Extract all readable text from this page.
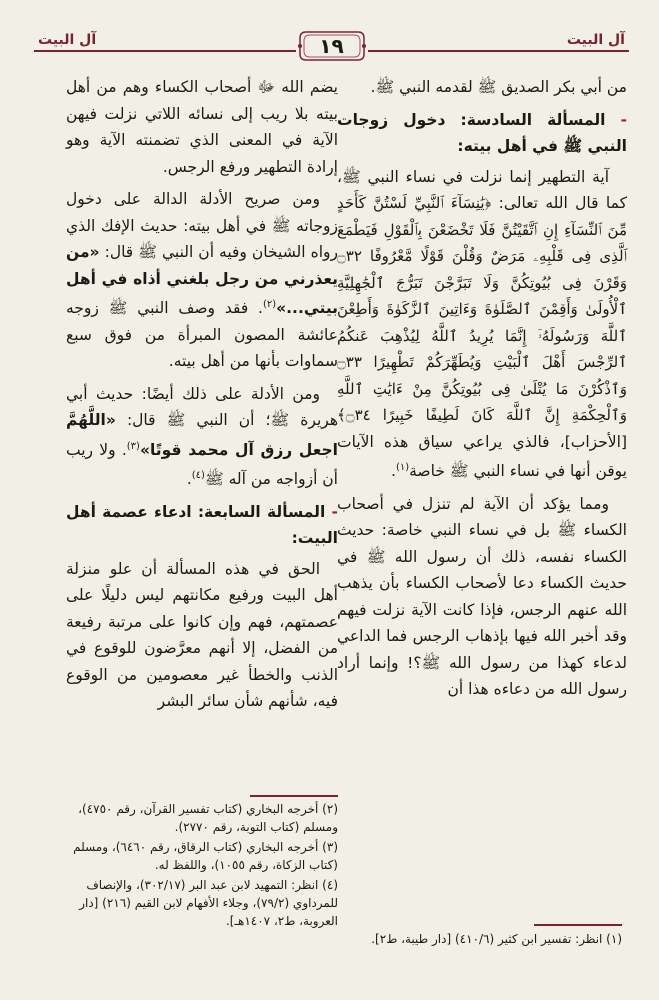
آل البيت
آل البيت	١٩

من أبي بكر الصديق ﷺ لقدمه النبي ﷺ.

- المسألة السادسة: دخول زوجات النبي ﷺ في أهل بيته:

آية التطهير إنما نزلت في نساء النبي ﷺ، كما قال الله تعالى: ﴿يَٰنِسَآءَ ٱلنَّبِيِّ لَسْتُنَّ كَأَحَدٍ مِّنَ ٱلنِّسَآءِ إِنِ ٱتَّقَيْتُنَّ فَلَا تَخْضَعْنَ بِٱلْقَوْلِ فَيَطْمَعَ ٱلَّذِى فِى قَلْبِهِۦ مَرَضٌ وَقُلْنَ قَوْلًا مَّعْرُوفًا ۝٣٢ وَقَرْنَ فِى بُيُوتِكُنَّ وَلَا تَبَرَّجْنَ تَبَرُّجَ ٱلْجَٰهِلِيَّةِ ٱلْأُولَىٰ وَأَقِمْنَ ٱلصَّلَوٰةَ وَءَاتِينَ ٱلزَّكَوٰةَ وَأَطِعْنَ ٱللَّهَ وَرَسُولَهُۥٓ إِنَّمَا يُرِيدُ ٱللَّهُ لِيُذْهِبَ عَنكُمُ ٱلرِّجْسَ أَهْلَ ٱلْبَيْتِ وَيُطَهِّرَكُمْ تَطْهِيرًا ۝٣٣ وَٱذْكُرْنَ مَا يُتْلَىٰ فِى بُيُوتِكُنَّ مِنْ ءَايَٰتِ ٱللَّهِ وَٱلْحِكْمَةِ إِنَّ ٱللَّهَ كَانَ لَطِيفًا خَبِيرًا ۝٣٤﴾ [الأحزاب]، فالذي يراعي سياق هذه الآيات يوقن أنها في نساء النبي ﷺ خاصة$^{(١)}$.

ومما يؤكد أن الآية لم تنزل في أصحاب الكساء ﷺ بل في نساء النبي خاصة: حديث الكساء نفسه، ذلك أن رسول الله ﷺ في حديث الكساء دعا لأصحاب الكساء بأن يذهب الله عنهم الرجس، فإذا كانت الآية نزلت فيهم وقد أخبر الله فيها بإذهاب الرجس فما الداعي لدعاء كهذا من رسول الله ﷺ؟! وإنما أراد رسول الله من دعاءه هذا أن

يضم الله ﷻ أصحاب الكساء وهم من أهل بيته بلا ريب إلى نسائه اللاتي نزلت فيهن الآية في المعنى الذي تضمنته الآية وهو إرادة التطهير ورفع الرجس.

ومن صريح الأدلة الدالة على دخول زوجاته ﷺ في أهل بيته: حديث الإفك الذي رواه الشيخان وفيه أن النبي ﷺ قال: «من يعذرني من رجل بلغني أذاه في أهل بيتي...»$^{(٢)}$. فقد وصف النبي ﷺ زوجه عائشة المصون المبرأة من فوق سبع سماوات بأنها من أهل بيته.

ومن الأدلة على ذلك أيضًا: حديث أبي هريرة ﷺ؛ أن النبي ﷺ قال: «اللَّهُمَّ اجعل رزق آل محمد قوتًا»$^{(٣)}$. ولا ريب أن أزواجه من آله ﷺ$^{(٤)}$.

- المسألة السابعة: ادعاء عصمة أهل البيت:

الحق في هذه المسألة أن علو منزلة أهل البيت ورفيع مكانتهم ليس دليلًا على عصمتهم، فهم وإن كانوا على مرتبة رفيعة من الفضل، إلا أنهم معرَّضون للوقوع في الذنب والخطأ غير معصومين من الوقوع فيه، شأنهم شأن سائر البشر

(٢) أخرجه البخاري (كتاب تفسير القرآن، رقم ٤٧٥٠)، ومسلم (كتاب التوبة، رقم ٢٧٧٠).
(٣) أخرجه البخاري (كتاب الرقاق، رقم ٦٤٦٠)، ومسلم (كتاب الزكاة، رقم ١٠٥٥)، واللفظ له.
(٤) انظر: التمهيد لابن عبد البر (٣٠٢/١٧)، والإنصاف للمرداوي (٧٩/٢)، وجلاء الأفهام لابن القيم (٢١٦) [دار العروبة، ط٢، ١٤٠٧هـ].
(١) انظر: تفسير ابن كثير (٤١٠/٦) [دار طيبة، ط٢].
